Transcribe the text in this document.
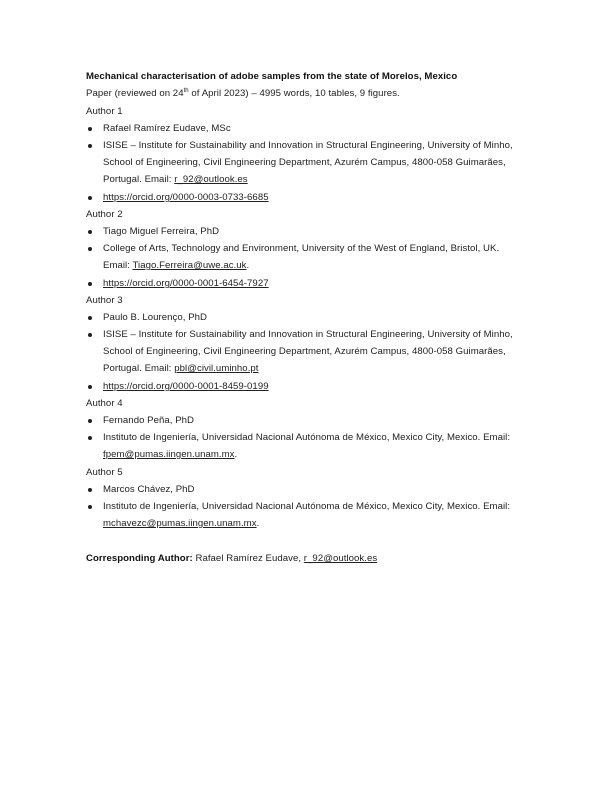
Mechanical characterisation of adobe samples from the state of Morelos, Mexico
Paper (reviewed on 24th of April 2023) – 4995 words, 10 tables, 9 figures.
Author 1
Rafael Ramírez Eudave, MSc
ISISE – Institute for Sustainability and Innovation in Structural Engineering, University of Minho,
School of Engineering, Civil Engineering Department, Azurém Campus, 4800-058 Guimarães,
Portugal. Email: r_92@outlook.es
https://orcid.org/0000-0003-0733-6685
Author 2
Tiago Miguel Ferreira, PhD
College of Arts, Technology and Environment, University of the West of England, Bristol, UK.
Email: Tiago.Ferreira@uwe.ac.uk.
https://orcid.org/0000-0001-6454-7927
Author 3
Paulo B. Lourenço, PhD
ISISE – Institute for Sustainability and Innovation in Structural Engineering, University of Minho,
School of Engineering, Civil Engineering Department, Azurém Campus, 4800-058 Guimarães,
Portugal. Email: pbl@civil.uminho.pt
https://orcid.org/0000-0001-8459-0199
Author 4
Fernando Peña, PhD
Instituto de Ingeniería, Universidad Nacional Autónoma de México, Mexico City, Mexico. Email:
fpem@pumas.iingen.unam.mx.
Author 5
Marcos Chávez, PhD
Instituto de Ingeniería, Universidad Nacional Autónoma de México, Mexico City, Mexico. Email:
mchavezc@pumas.iingen.unam.mx.
Corresponding Author: Rafael Ramírez Eudave, r_92@outlook.es
